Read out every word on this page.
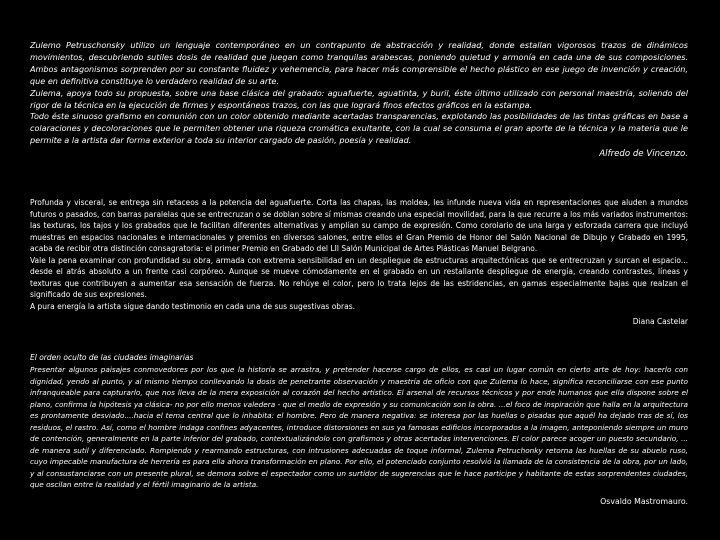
Zulemo Petruschonsky utilizo un lenguaje contemporáneo en un contrapunto de abstracción y realidad, donde estallan vigorosos trazos de dinámicos movimientos, descubriendo sutiles dosis de realidad que juegan como tranquilas arabescas, poniendo quietud y armonía en cada una de sus composiciones. Ambos antagonismos sorprenden por su constante fluidez y vehemencia, para hacer más comprensible el hecho plástico en ese juego de invención y creación, que en definitiva constituye lo verdadero realidad de su arte.

Zulema, apoya todo su propuesta, sobre una base clásica del grabado: aguafuerte, aguatinta, y buril, éste último utilizado con personal maestría, soliendo del rigor de la técnica en la ejecución de firmes y espontáneos trazos, con las que logrará finos efectos gráficos en la estampa.

Todo éste sinuoso grafismo en comunión con un color obtenido mediante acertadas transparencias, explotando las posibilidades de las tintas gráficas en base a colaraciones y decoloraciones que le permiten obtener una riqueza cromática exultante, con la cual se consuma el gran aporte de la técnica y la materia que le permite a la artista dar forma exterior a toda su interior cargado de pasión, poesía y realidad.

Alfredo de Vincenzo.

Profunda y visceral, se entrega sin retaceos a la potencia del aguafuerte. Corta las chapas, las moldea, les infunde nueva vida en representaciones que aluden a mundos futuros o pasados, con barras paralelas que se entrecruzan o se doblan sobre sí mismas creando una especial movilidad, para la que recurre a los más variados instrumentos: las texturas, los tajos y los grabados que le facilitan diferentes alternativas y amplían su campo de expresión. Como corolario de una larga y esforzada carrera que incluyó muestras en espacios nacionales e internacionales y premios en diversos salones, entre ellos el Gran Premio de Honor del Salón Nacional de Dibujo y Grabado en 1995, acaba de recibir otra distinción consagratoria: el primer Premio en Grabado del LII Salón Municipal de Artes Plásticas Manuel Belgrano.

Vale la pena examinar con profundidad su obra, armada con extrema sensibilidad en un despliegue de estructuras arquitectónicas que se entrecruzan y surcan el espacio... desde el atrás absoluto a un frente casi corpóreo. Aunque se mueve cómodamente en el grabado en un restallante despliegue de energía, creando contrastes, líneas y texturas que contribuyen a aumentar esa sensación de fuerza. No rehúye el color, pero lo trata lejos de las estridencias, en gamas especialmente bajas que realzan el significado de sus expresiones.

A pura energía la artista sigue dando testimonio en cada una de sus sugestivas obras.

Diana Castelar

El orden oculto de las ciudades imaginarias

Presentar algunos paisajes conmovedores por los que la historia se arrastra, y pretender hacerse cargo de ellos, es casi un lugar común en cierto arte de hoy: hacerlo con dignidad, yendo al punto, y al mismo tiempo conllevando la dosis de penetrante observación y maestría de oficio con que Zulema lo hace, significa reconciliarse con ese punto infranqueable para capturarlo, que nos lleva de la mera exposición al corazón del hecho artístico. El arsenal de recursos técnicos y por ende humanos que ella dispone sobre el plano, confirma la hipótesis ya clásica- no por ello menos valedera - que el medio de expresión y su comunicación son la obra. ...el foco de inspiración que halla en la arquitectura es prontamente desviado....hacia el tema central que lo inhabita: el hombre. Pero de manera negativa: se interesa por las huellas o pisadas que aquél ha dejado tras de sí, los residuos, el rastro. Así, como el hombre indaga confines adyacentes, introduce distorsiones en sus ya famosas edificios incorporados a la imagen, anteponiendo siempre un muro de contención, generalmente en la parte inferior del grabado, contextualizándolo con grafismos y otras acertadas intervenciones. El color parece acoger un puesto secundario, ... de manera sutil y diferenciado. Rompiendo y rearmando estructuras, con intrusiones adecuadas de toque informal, Zulema Petruchonky retorna las huellas de su abuelo ruso, cuyo impecable manufactura de herrería es para ella ahora transformación en plano. Por ello, el potenciado conjunto resolvió la llamada de la consistencia de la obra, por un lado, y al consustanciarse con un presente plural, se demora sobre el espectador como un surtidor de sugerencias que le hace participe y habitante de estas sorprendentes ciudades, que oscilan entre la realidad y el fértil imaginario de la artista.

Osvaldo Mastromauro.
